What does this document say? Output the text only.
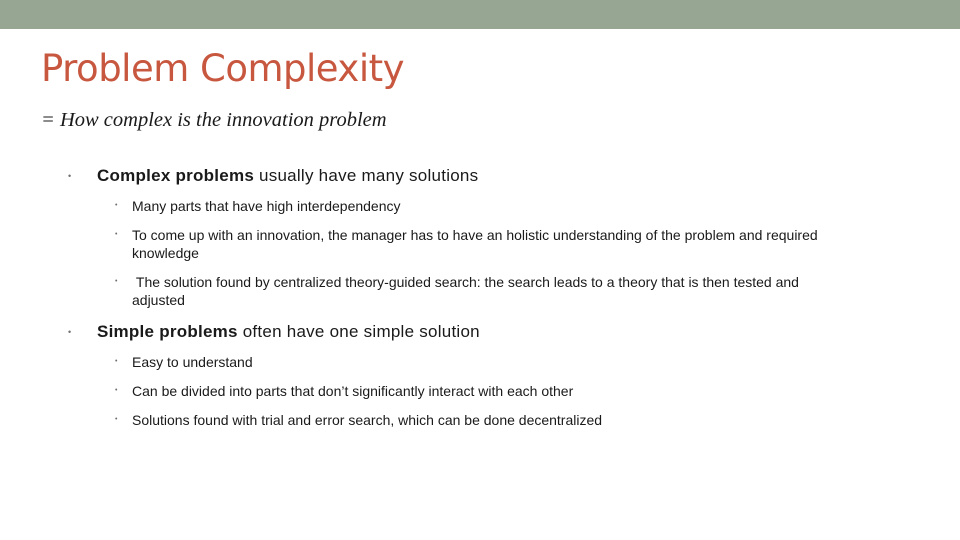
Problem Complexity

= How complex is the innovation problem

• Complex problems usually have many solutions
•	Many parts that have high interdependency
•	To come up with an innovation, the manager has to have an holistic understanding of the problem and required knowledge
•	The solution found by centralized theory-guided search: the search leads to a theory that is then tested and adjusted
• Simple problems often have one simple solution
•	Easy to understand
•	Can be divided into parts that don’t significantly interact with each other
•	Solutions found with trial and error search, which can be done decentralized
